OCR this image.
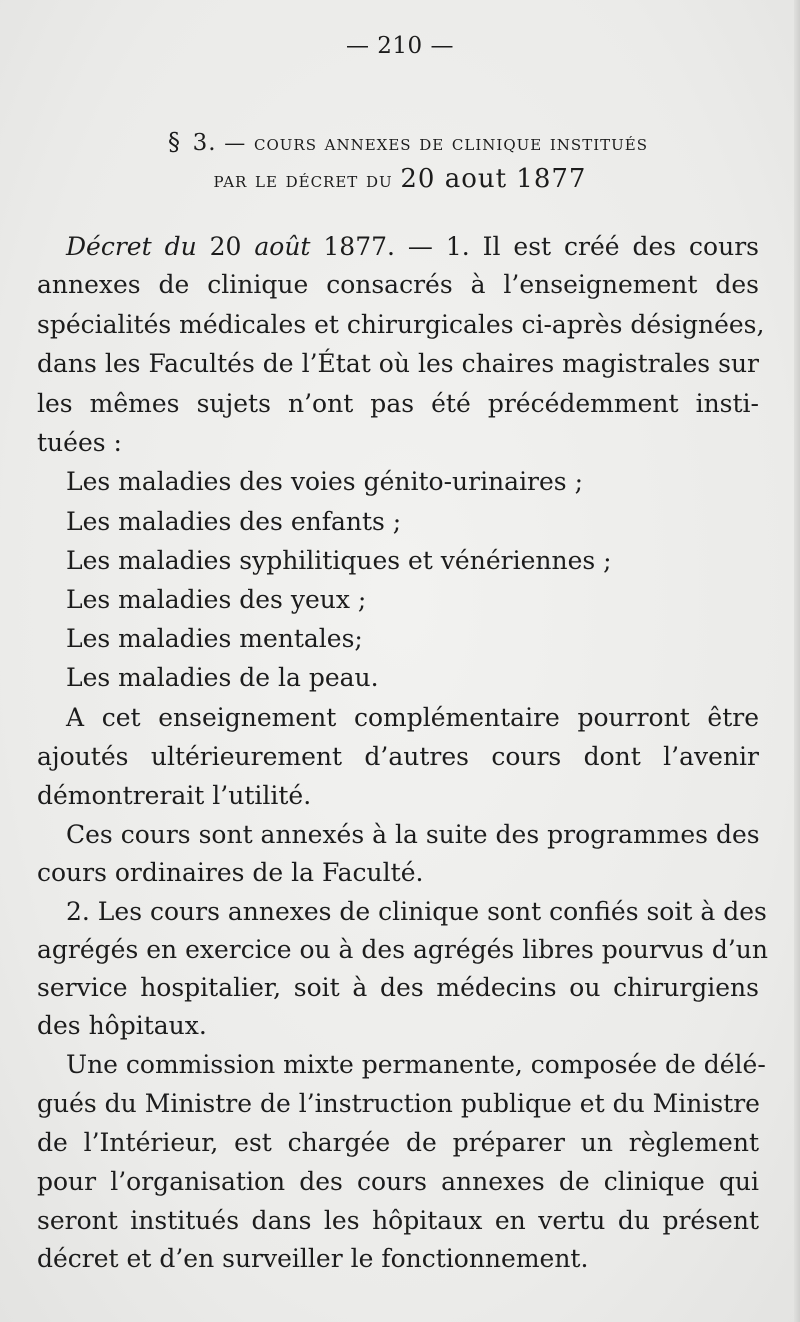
— 210 —
§ 3. — cours annexes de clinique institués
par le décret du 20 aout 1877
Décret du 20 août 1877. — 1. Il est créé des cours
annexes de clinique consacrés à l’enseignement des
spécialités médicales et chirurgicales ci-après désignées,
dans les Facultés de l’État où les chaires magistrales sur
les mêmes sujets n’ont pas été précédemment insti-
tuées :
Les maladies des voies génito-urinaires ;
Les maladies des enfants ;
Les maladies syphilitiques et vénériennes ;
Les maladies des yeux ;
Les maladies mentales;
Les maladies de la peau.
A cet enseignement complémentaire pourront être
ajoutés ultérieurement d’autres cours dont l’avenir
démontrerait l’utilité.
Ces cours sont annexés à la suite des programmes des
cours ordinaires de la Faculté.
2. Les cours annexes de clinique sont confiés soit à des
agrégés en exercice ou à des agrégés libres pourvus d’un
service hospitalier, soit à des médecins ou chirurgiens
des hôpitaux.
Une commission mixte permanente, composée de délé-
gués du Ministre de l’instruction publique et du Ministre
de l’Intérieur, est chargée de préparer un règlement
pour l’organisation des cours annexes de clinique qui
seront institués dans les hôpitaux en vertu du présent
décret et d’en surveiller le fonctionnement.
